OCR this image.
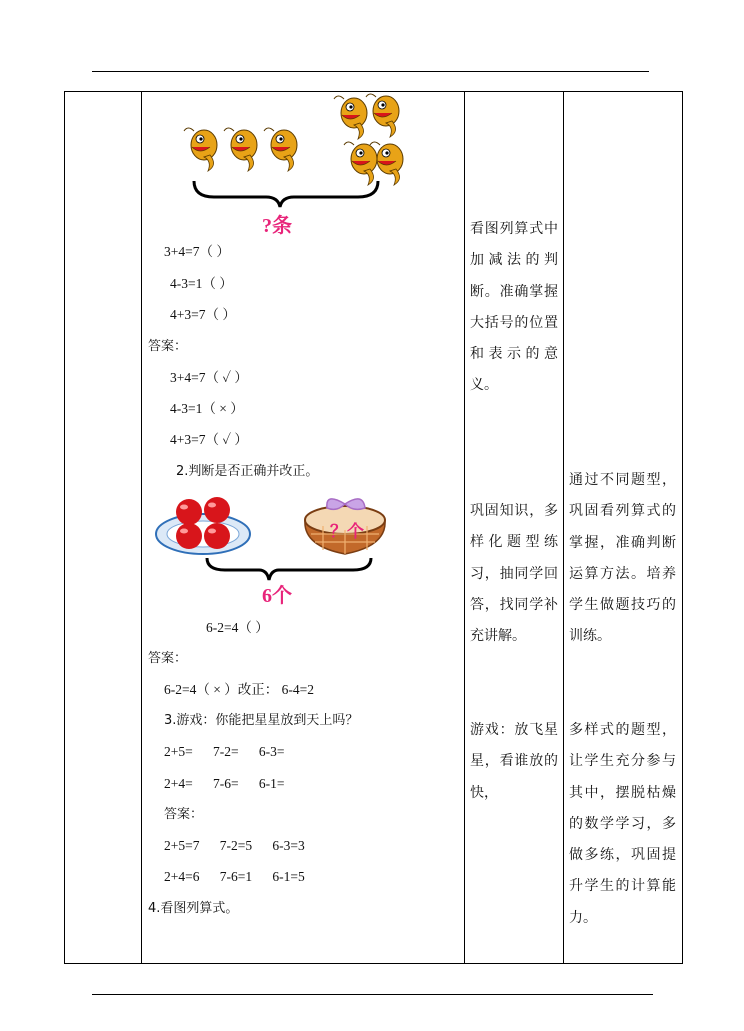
?条
3+4=7（ ）
4-3=1（ ）
4+3=7（ ）
答案：
3+4=7（ ✓ ）
4-3=1（ × ）
4+3=7（ ✓ ）
2.判断是否正确并改正。
？个
6个
6-2=4（ ）
答案：
6-2=4（ × ）改正： 6-4=2
3.游戏：你能把星星放到天上吗？
2+5=      7-2=      6-3=
2+4=      7-6=      6-1=
答案：
2+5=7      7-2=5      6-3=3
2+4=6      7-6=1      6-1=5
4.看图列算式。
看图列算式中加减法的判断。准确掌握大括号的位置和表示的意义。
巩固知识，多样化题型练习，抽同学回答，找同学补充讲解。
游戏：放飞星星，看谁放的快，
通过不同题型，巩固看列算式的掌握，准确判断运算方法。培养学生做题技巧的训练。
多样式的题型，让学生充分参与其中，摆脱枯燥的数学学习，多做多练，巩固提升学生的计算能力。
